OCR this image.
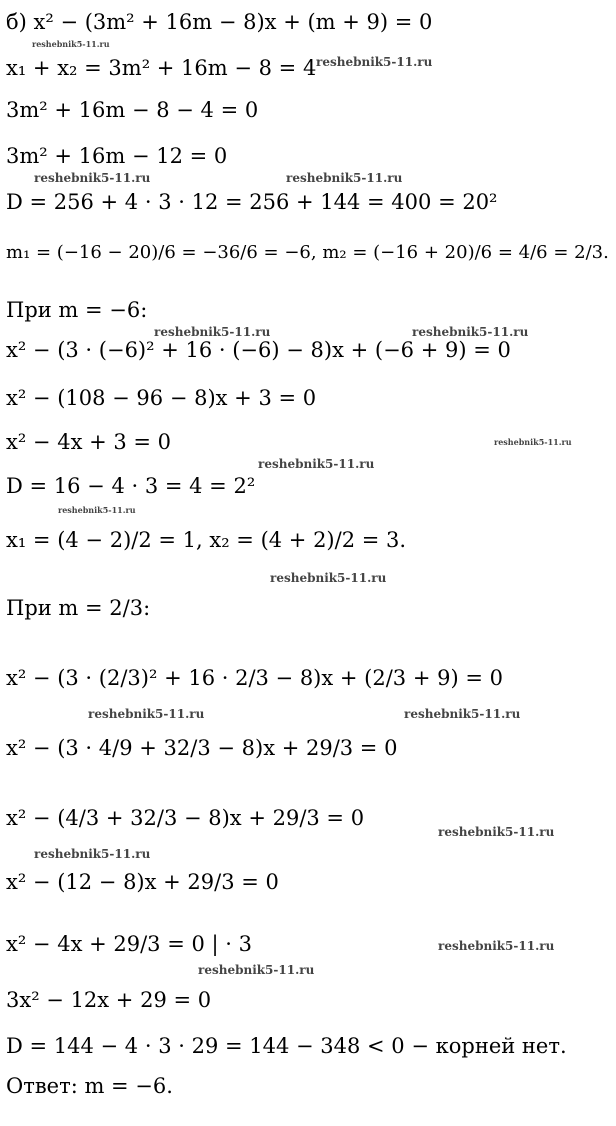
б) x² − (3m² + 16m − 8)x + (m + 9) = 0
x₁ + x₂ = 3m² + 16m − 8 = 4
3m² + 16m − 8 − 4 = 0
3m² + 16m − 12 = 0
D = 256 + 4 · 3 · 12 = 256 + 144 = 400 = 20²
m₁ = (−16 − 20)/6 = −36/6 = −6, m₂ = (−16 + 20)/6 = 4/6 = 2/3.
При m = −6:
x² − (3 · (−6)² + 16 · (−6) − 8)x + (−6 + 9) = 0
x² − (108 − 96 − 8)x + 3 = 0
x² − 4x + 3 = 0
D = 16 − 4 · 3 = 4 = 2²
x₁ = (4 − 2)/2 = 1, x₂ = (4 + 2)/2 = 3.
При m = 2/3:
x² − (3 · (2/3)² + 16 · 2/3 − 8)x + (2/3 + 9) = 0
x² − (3 · 4/9 + 32/3 − 8)x + 29/3 = 0
x² − (4/3 + 32/3 − 8)x + 29/3 = 0
x² − (12 − 8)x + 29/3 = 0
x² − 4x + 29/3 = 0 | · 3
3x² − 12x + 29 = 0
D = 144 − 4 · 3 · 29 = 144 − 348 < 0 − корней нет.
Ответ: m = −6.
reshebnik5-11.ru
reshebnik5-11.ru
reshebnik5-11.ru	reshebnik5-11.ru
reshebnik5-11.ru	reshebnik5-11.ru
reshebnik5-11.ru
reshebnik5-11.ru
reshebnik5-11.ru
reshebnik5-11.ru
reshebnik5-11.ru	reshebnik5-11.ru
reshebnik5-11.ru
reshebnik5-11.ru
reshebnik5-11.ru
reshebnik5-11.ru
